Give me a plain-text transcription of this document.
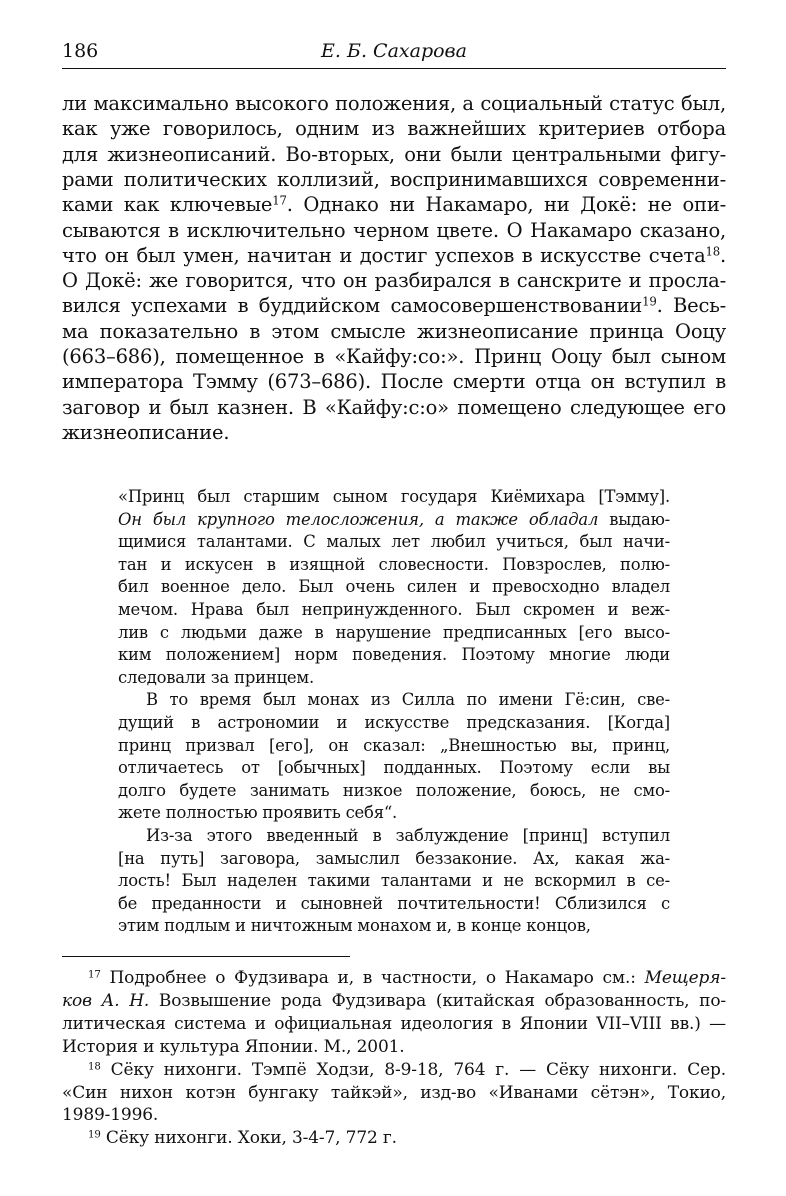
186	Е. Б. Сахарова
ли максимально высокого положения, а социальный статус был,
как уже говорилось, одним из важнейших критериев отбора
для жизнеописаний. Во-вторых, они были центральными фигу-
рами политических коллизий, воспринимавшихся современни-
ками как ключевые$^{17}$. Однако ни Накамаро, ни Докё: не опи-
сываются в исключительно черном цвете. О Накамаро сказано,
что он был умен, начитан и достиг успехов в искусстве счета$^{18}$.
О Докё: же говорится, что он разбирался в санскрите и просла-
вился успехами в буддийском самосовершенствовании$^{19}$. Весь-
ма показательно в этом смысле жизнеописание принца Ооцу
(663–686), помещенное в «Кайфу:со:». Принц Ооцу был сыном
императора Тэмму (673–686). После смерти отца он вступил в
заговор и был казнен. В «Кайфу:с:о» помещено следующее его
жизнеописание.
«Принц был старшим сыном государя Киёмихара [Тэмму].
Он был крупного телосложения, а также обладал выдаю-
щимися талантами. С малых лет любил учиться, был начи-
тан и искусен в изящной словесности. Повзрослев, полю-
бил военное дело. Был очень силен и превосходно владел
мечом. Нрава был непринужденного. Был скромен и веж-
лив с людьми даже в нарушение предписанных [его высо-
ким положением] норм поведения. Поэтому многие люди
следовали за принцем.
В то время был монах из Силла по имени Гё:син, све-
дущий в астрономии и искусстве предсказания. [Когда]
принц призвал [его], он сказал: „Внешностью вы, принц,
отличаетесь от [обычных] подданных. Поэтому если вы
долго будете занимать низкое положение, боюсь, не смо-
жете полностью проявить себя“.
Из-за этого введенный в заблуждение [принц] вступил
[на путь] заговора, замыслил беззаконие. Ах, какая жа-
лость! Был наделен такими талантами и не вскормил в се-
бе преданности и сыновней почтительности! Сблизился с
этим подлым и ничтожным монахом и, в конце концов,
$^{17}$ Подробнее о Фудзивара и, в частности, о Накамаро см.: Мещеря-
ков А. Н. Возвышение рода Фудзивара (китайская образованность, по-
литическая система и официальная идеология в Японии VII–VIII вв.) —
История и культура Японии. М., 2001.
$^{18}$ Сёку нихонги. Тэмпё Ходзи, 8-9-18, 764 г. — Сёку нихонги. Сер.
«Син нихон котэн бунгаку тайкэй», изд-во «Иванами сётэн», Токио,
1989-1996.
$^{19}$ Сёку нихонги. Хоки, 3-4-7, 772 г.
